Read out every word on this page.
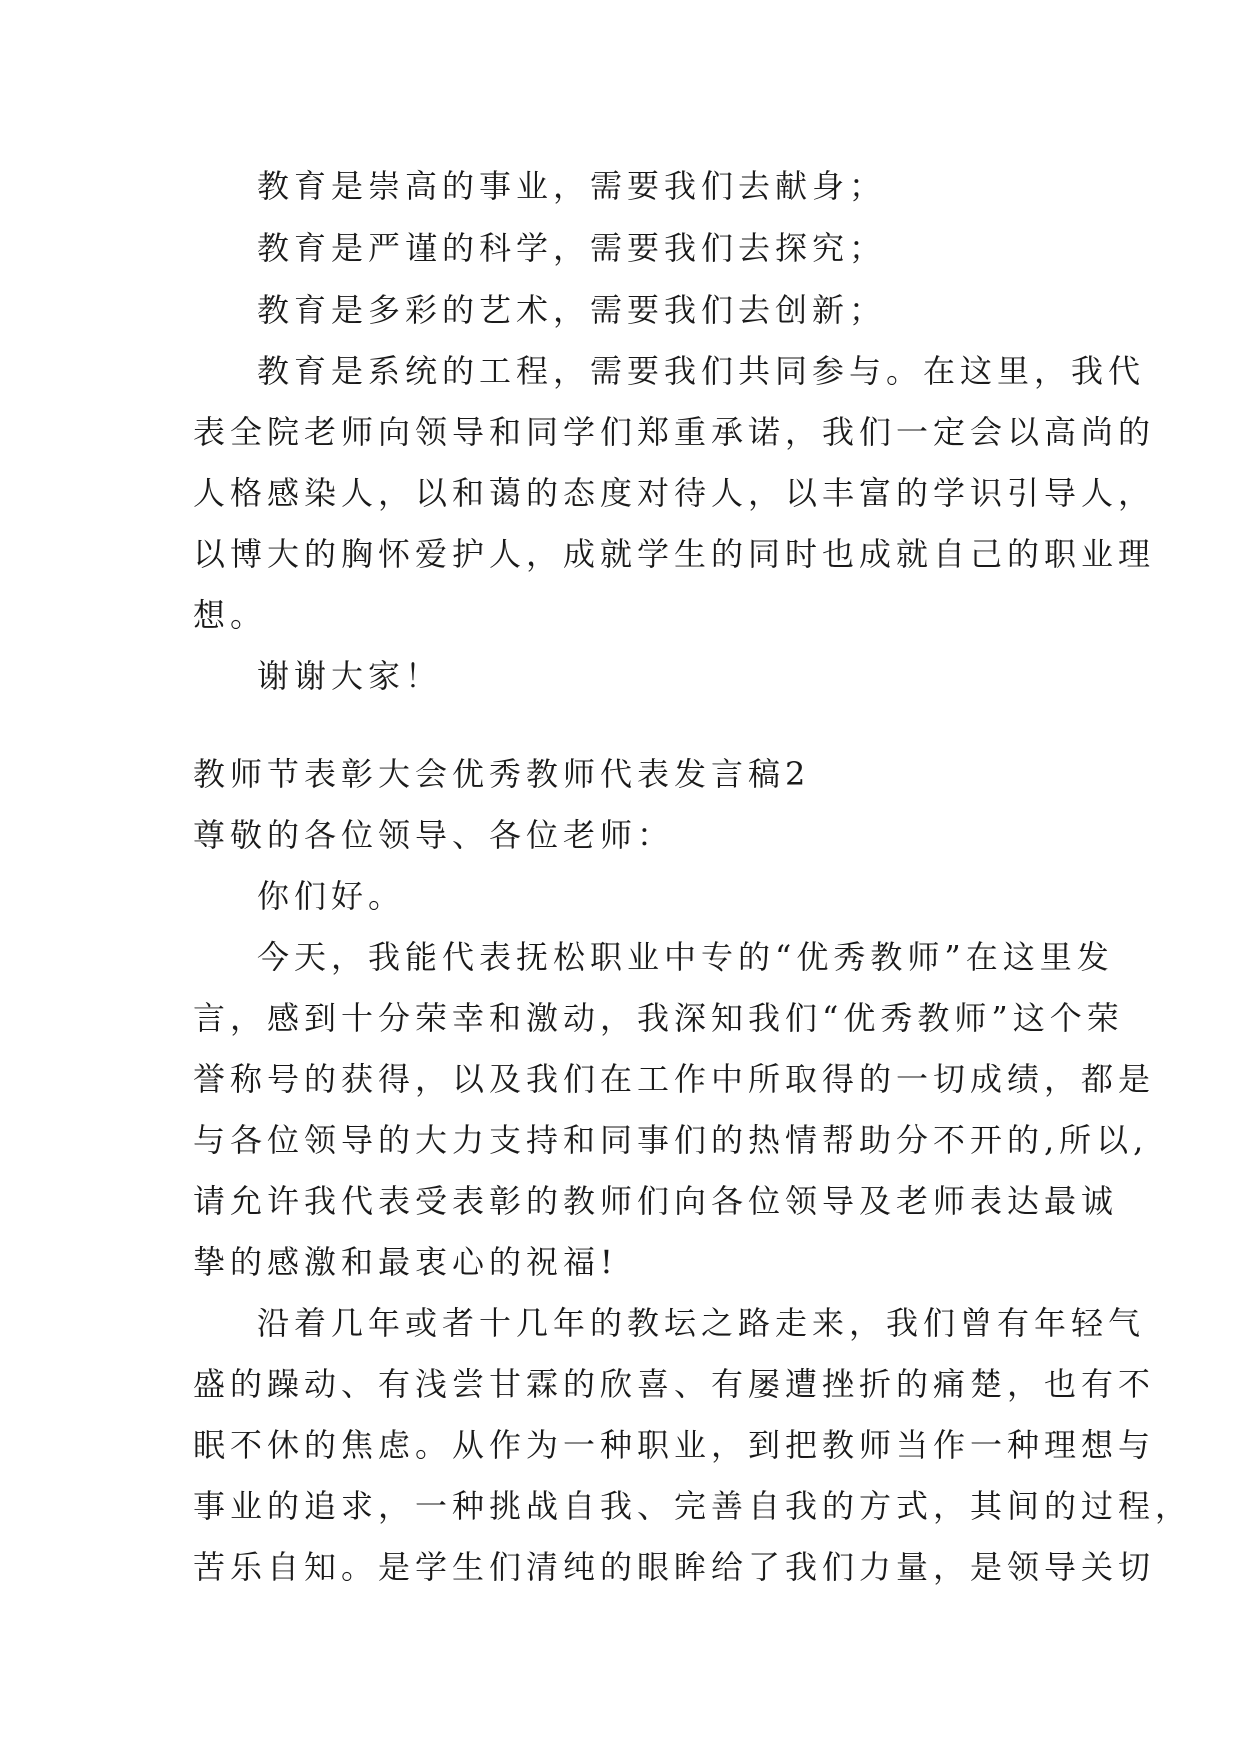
教育是崇高的事业，需要我们去献身；
教育是严谨的科学，需要我们去探究；
教育是多彩的艺术，需要我们去创新；
教育是系统的工程，需要我们共同参与。在这里，我代
表全院老师向领导和同学们郑重承诺，我们一定会以高尚的
人格感染人，以和蔼的态度对待人，以丰富的学识引导人，
以博大的胸怀爱护人，成就学生的同时也成就自己的职业理
想。
谢谢大家！
教师节表彰大会优秀教师代表发言稿2
尊敬的各位领导、各位老师：
你们好。
今天，我能代表抚松职业中专的“优秀教师”在这里发
言，感到十分荣幸和激动，我深知我们“优秀教师”这个荣
誉称号的获得，以及我们在工作中所取得的一切成绩，都是
与各位领导的大力支持和同事们的热情帮助分不开的,所以,
请允许我代表受表彰的教师们向各位领导及老师表达最诚
挚的感激和最衷心的祝福!
沿着几年或者十几年的教坛之路走来，我们曾有年轻气
盛的躁动、有浅尝甘霖的欣喜、有屡遭挫折的痛楚，也有不
眠不休的焦虑。从作为一种职业，到把教师当作一种理想与
事业的追求，一种挑战自我、完善自我的方式，其间的过程，
苦乐自知。是学生们清纯的眼眸给了我们力量，是领导关切
